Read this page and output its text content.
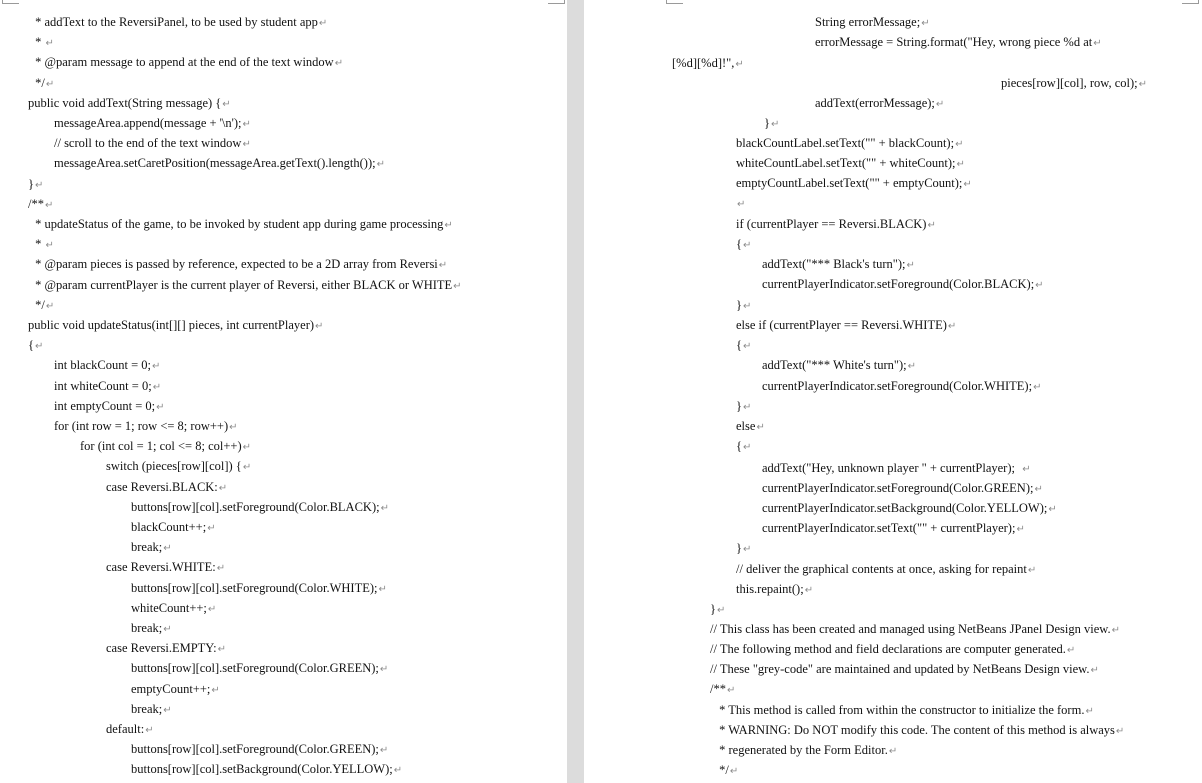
* addText to the ReversiPanel, to be used by student app↵
* ↵
* @param message to append at the end of the text window↵
*/↵
public void addText(String message) {↵
messageArea.append(message + '\n');↵
// scroll to the end of the text window↵
messageArea.setCaretPosition(messageArea.getText().length());↵
}↵
/**↵
* updateStatus of the game, to be invoked by student app during game processing↵
* ↵
* @param pieces is passed by reference, expected to be a 2D array from Reversi↵
* @param currentPlayer is the current player of Reversi, either BLACK or WHITE↵
*/↵
public void updateStatus(int[][] pieces, int currentPlayer)↵
{↵
int blackCount = 0;↵
int whiteCount = 0;↵
int emptyCount = 0;↵
for (int row = 1; row <= 8; row++)↵
for (int col = 1; col <= 8; col++)↵
switch (pieces[row][col]) {↵
case Reversi.BLACK:↵
buttons[row][col].setForeground(Color.BLACK);↵
blackCount++;↵
break;↵
case Reversi.WHITE:↵
buttons[row][col].setForeground(Color.WHITE);↵
whiteCount++;↵
break;↵
case Reversi.EMPTY:↵
buttons[row][col].setForeground(Color.GREEN);↵
emptyCount++;↵
break;↵
default:↵
buttons[row][col].setForeground(Color.GREEN);↵
buttons[row][col].setBackground(Color.YELLOW);↵
String errorMessage;↵
errorMessage = String.format("Hey, wrong piece %d at↵
[%d][%d]!",↵
pieces[row][col], row, col);↵
addText(errorMessage);↵
}↵
blackCountLabel.setText("" + blackCount);↵
whiteCountLabel.setText("" + whiteCount);↵
emptyCountLabel.setText("" + emptyCount);↵
↵
if (currentPlayer == Reversi.BLACK)↵
{↵
addText("*** Black's turn");↵
currentPlayerIndicator.setForeground(Color.BLACK);↵
}↵
else if (currentPlayer == Reversi.WHITE)↵
{↵
addText("*** White's turn");↵
currentPlayerIndicator.setForeground(Color.WHITE);↵
}↵
else↵
{↵
addText("Hey, unknown player " + currentPlayer);  ↵
currentPlayerIndicator.setForeground(Color.GREEN);↵
currentPlayerIndicator.setBackground(Color.YELLOW);↵
currentPlayerIndicator.setText("" + currentPlayer);↵
}↵
// deliver the graphical contents at once, asking for repaint↵
this.repaint();↵
}↵
// This class has been created and managed using NetBeans JPanel Design view.↵
// The following method and field declarations are computer generated.↵
// These "grey-code" are maintained and updated by NetBeans Design view.↵
/**↵
* This method is called from within the constructor to initialize the form.↵
* WARNING: Do NOT modify this code. The content of this method is always↵
* regenerated by the Form Editor.↵
*/↵
